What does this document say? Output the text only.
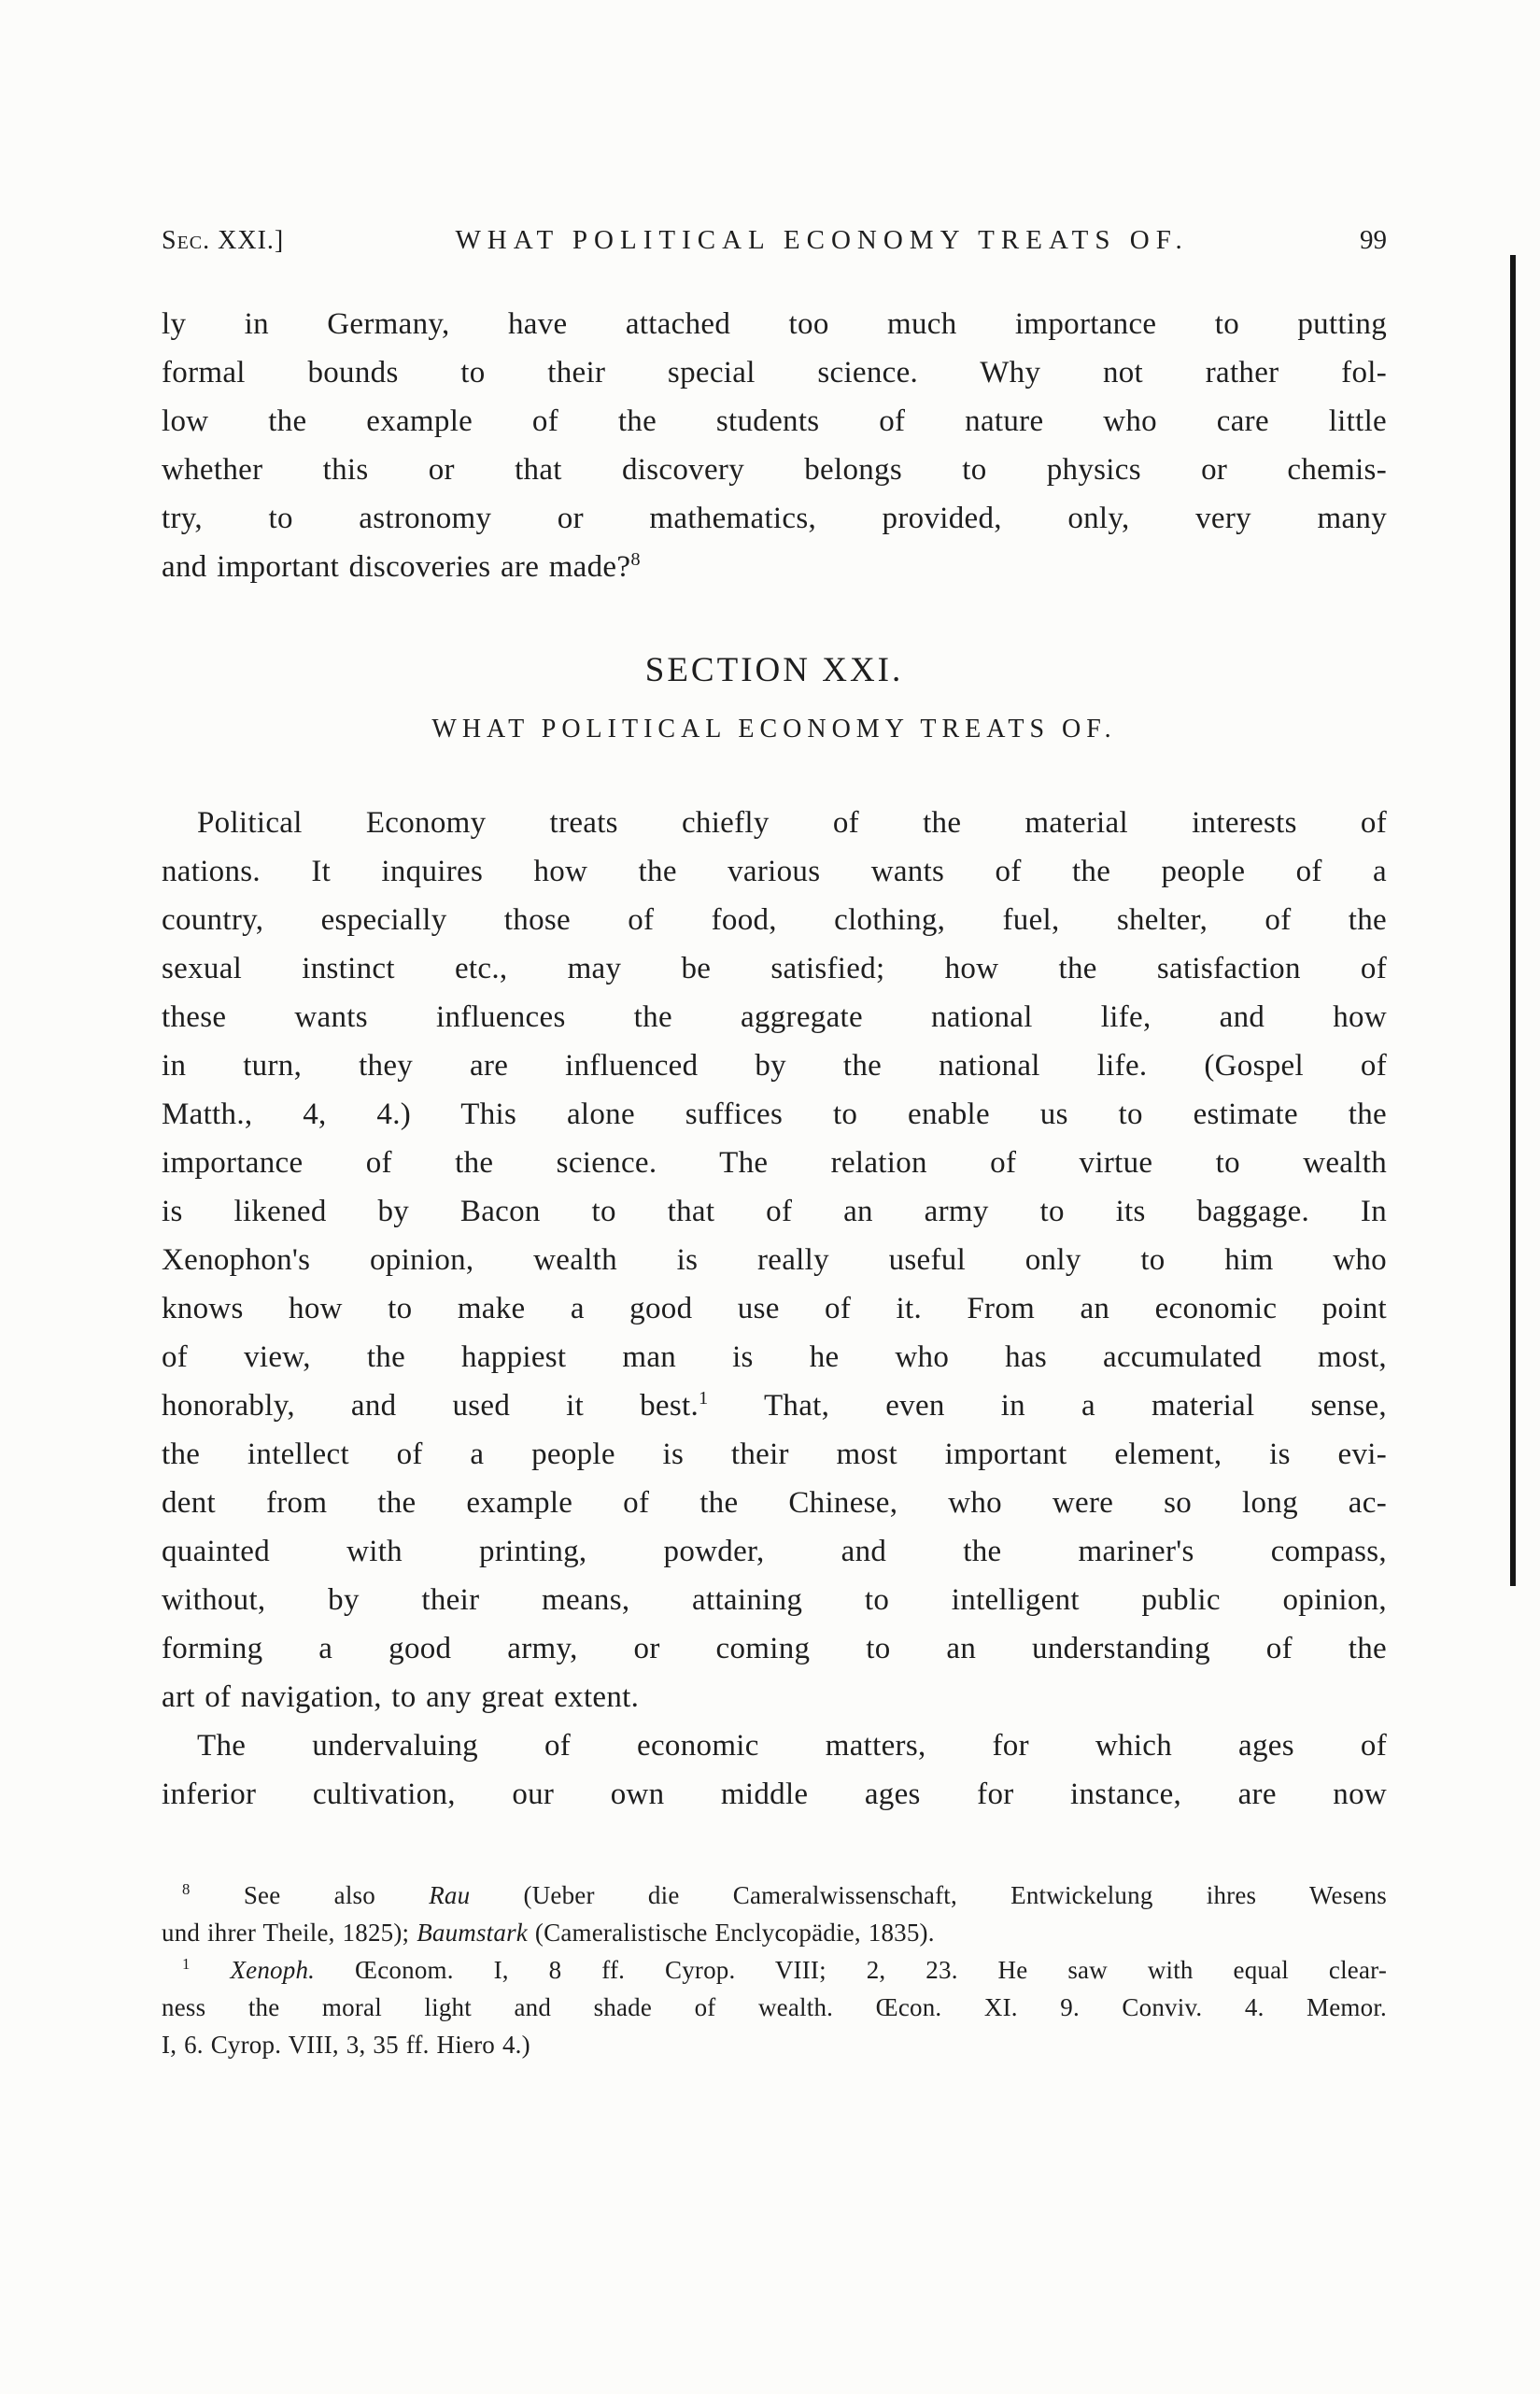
Sec. XXI.]	WHAT POLITICAL ECONOMY TREATS OF.	99
ly in Germany, have attached too much importance to putting
formal bounds to their special science. Why not rather fol-
low the example of the students of nature who care little
whether this or that discovery belongs to physics or chemis-
try, to astronomy or mathematics, provided, only, very many
and important discoveries are made?$^8$
SECTION XXI.
WHAT POLITICAL ECONOMY TREATS OF.
Political Economy treats chiefly of the material interests of
nations. It inquires how the various wants of the people of a
country, especially those of food, clothing, fuel, shelter, of the
sexual instinct etc., may be satisfied; how the satisfaction of
these wants influences the aggregate national life, and how
in turn, they are influenced by the national life. (Gospel of
Matth., 4, 4.) This alone suffices to enable us to estimate the
importance of the science. The relation of virtue to wealth
is likened by Bacon to that of an army to its baggage. In
Xenophon's opinion, wealth is really useful only to him who
knows how to make a good use of it. From an economic point
of view, the happiest man is he who has accumulated most,
honorably, and used it best.$^1$ That, even in a material sense,
the intellect of a people is their most important element, is evi-
dent from the example of the Chinese, who were so long ac-
quainted with printing, powder, and the mariner's compass,
without, by their means, attaining to intelligent public opinion,
forming a good army, or coming to an understanding of the
art of navigation, to any great extent.
The undervaluing of economic matters, for which ages of
inferior cultivation, our own middle ages for instance, are now
$^8$ See also Rau (Ueber die Cameralwissenschaft, Entwickelung ihres Wesens
und ihrer Theile, 1825); Baumstark (Cameralistische Enclycopädie, 1835).
$^1$ Xenoph. Œconom. I, 8 ff. Cyrop. VIII; 2, 23. He saw with equal clear-
ness the moral light and shade of wealth. Œcon. XI. 9. Conviv. 4. Memor.
I, 6. Cyrop. VIII, 3, 35 ff. Hiero 4.)
